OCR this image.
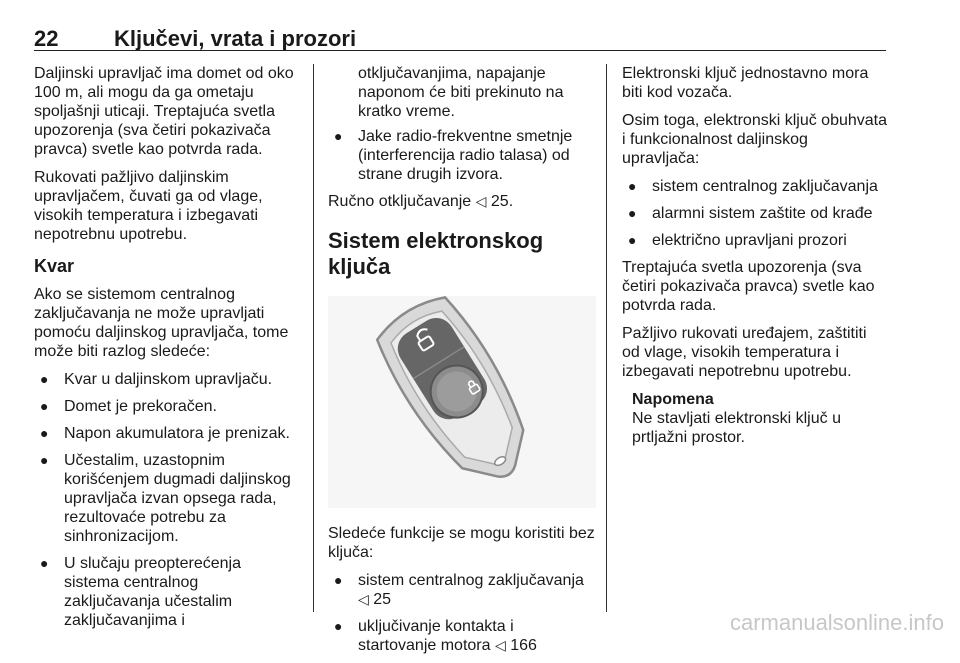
22	Ključevi, vrata i prozori

Daljinski upravljač ima domet od oko 100 m, ali mogu da ga ometaju spoljašnji uticaji. Treptajuća svetla upozorenja (sva četiri pokazivača pravca) svetle kao potvrda rada.

Rukovati pažljivo daljinskim upravljačem, čuvati ga od vlage, visokih temperatura i izbegavati nepotrebnu upotrebu.

Kvar

Ako se sistemom centralnog zaključavanja ne može upravljati pomoću daljinskog upravljača, tome može biti razlog sledeće:

● Kvar u daljinskom upravljaču.
● Domet je prekoračen.
● Napon akumulatora je prenizak.
● Učestalim, uzastopnim korišćenjem dugmadi daljinskog upravljača izvan opsega rada, rezultovaće potrebu za sinhronizacijom.
● U slučaju preopterećenja sistema centralnog zaključavanja učestalim zaključavanjima i
otključavanjima, napajanje naponom će biti prekinuto na kratko vreme.
● Jake radio-frekventne smetnje (interferencija radio talasa) od strane drugih izvora.

Ručno otključavanje ◁ 25.

Sistem elektronskog ključa

Sledeće funkcije se mogu koristiti bez ključa:

● sistem centralnog zaključavanja
◁ 25
● uključivanje kontakta i startovanje motora ◁ 166

Elektronski ključ jednostavno mora biti kod vozača.

Osim toga, elektronski ključ obuhvata i funkcionalnost daljinskog upravljača:

● sistem centralnog zaključavanja
● alarmni sistem zaštite od krađe
● električno upravljani prozori

Treptajuća svetla upozorenja (sva četiri pokazivača pravca) svetle kao potvrda rada.

Pažljivo rukovati uređajem, zaštititi od vlage, visokih temperatura i izbegavati nepotrebnu upotrebu.

Napomena
Ne stavljati elektronski ključ u prtljažni prostor.
carmanualsonline.info
